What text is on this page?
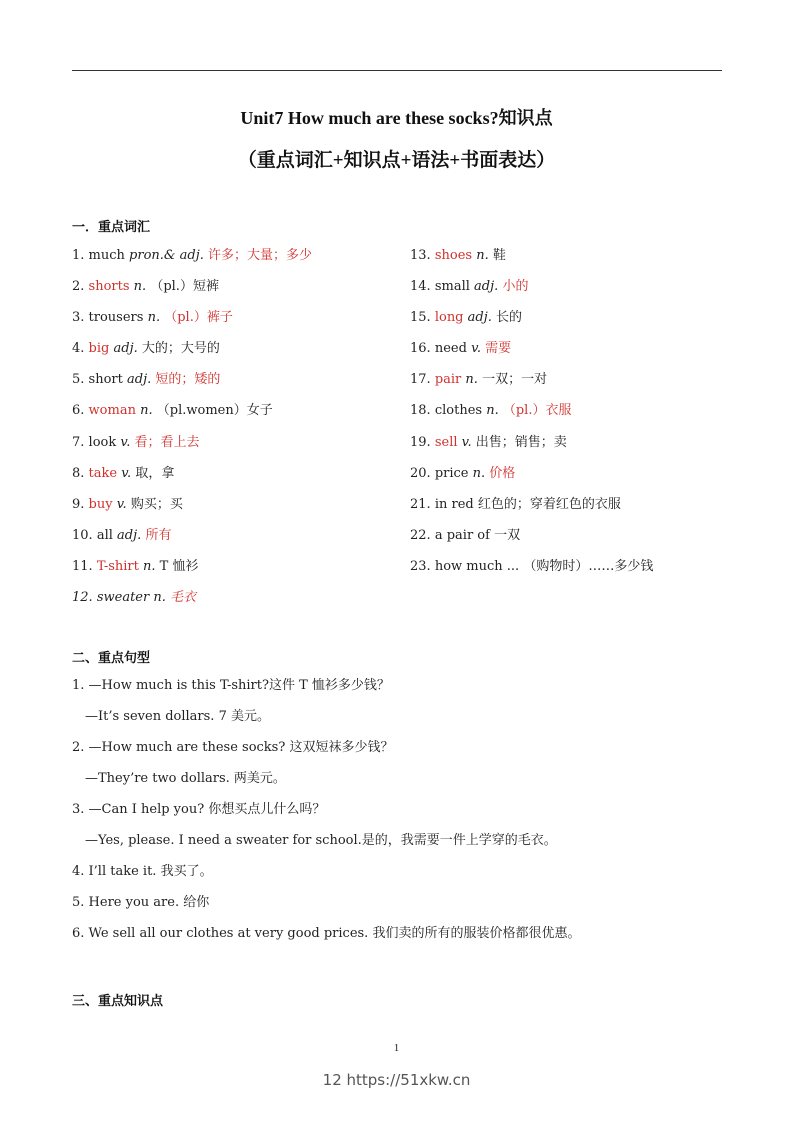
Unit7 How much are these socks?知识点
（重点词汇+知识点+语法+书面表达）
一．重点词汇
1. much pron.& adj. 许多；大量；多少
2. shorts n. （pl.）短裤
3. trousers n. （pl.）裤子
4. big adj. 大的；大号的
5. short adj. 短的；矮的
6. woman n. （pl.women）女子
7. look v. 看；看上去
8. take v. 取，拿
9. buy v. 购买；买
10. all adj. 所有
11. T-shirt n. T 恤衫
12. sweater n. 毛衣
13. shoes n. 鞋
14. small adj. 小的
15. long adj. 长的
16. need v. 需要
17. pair n. 一双；一对
18. clothes n. （pl.）衣服
19. sell v. 出售；销售；卖
20. price n. 价格
21. in red 红色的；穿着红色的衣服
22. a pair of 一双
23. how much ... （购物时）……多少钱
二、重点句型
1. —How much is this T-shirt?这件 T 恤衫多少钱？
—It’s seven dollars. 7 美元。
2. —How much are these socks? 这双短袜多少钱？
—They’re two dollars. 两美元。
3. —Can I help you? 你想买点儿什么吗？
—Yes, please. I need a sweater for school.是的，我需要一件上学穿的毛衣。
4. I’ll take it. 我买了。
5. Here you are. 给你
6. We sell all our clothes at very good prices. 我们卖的所有的服装价格都很优惠。
三、重点知识点
1
12 https://51xkw.cn
